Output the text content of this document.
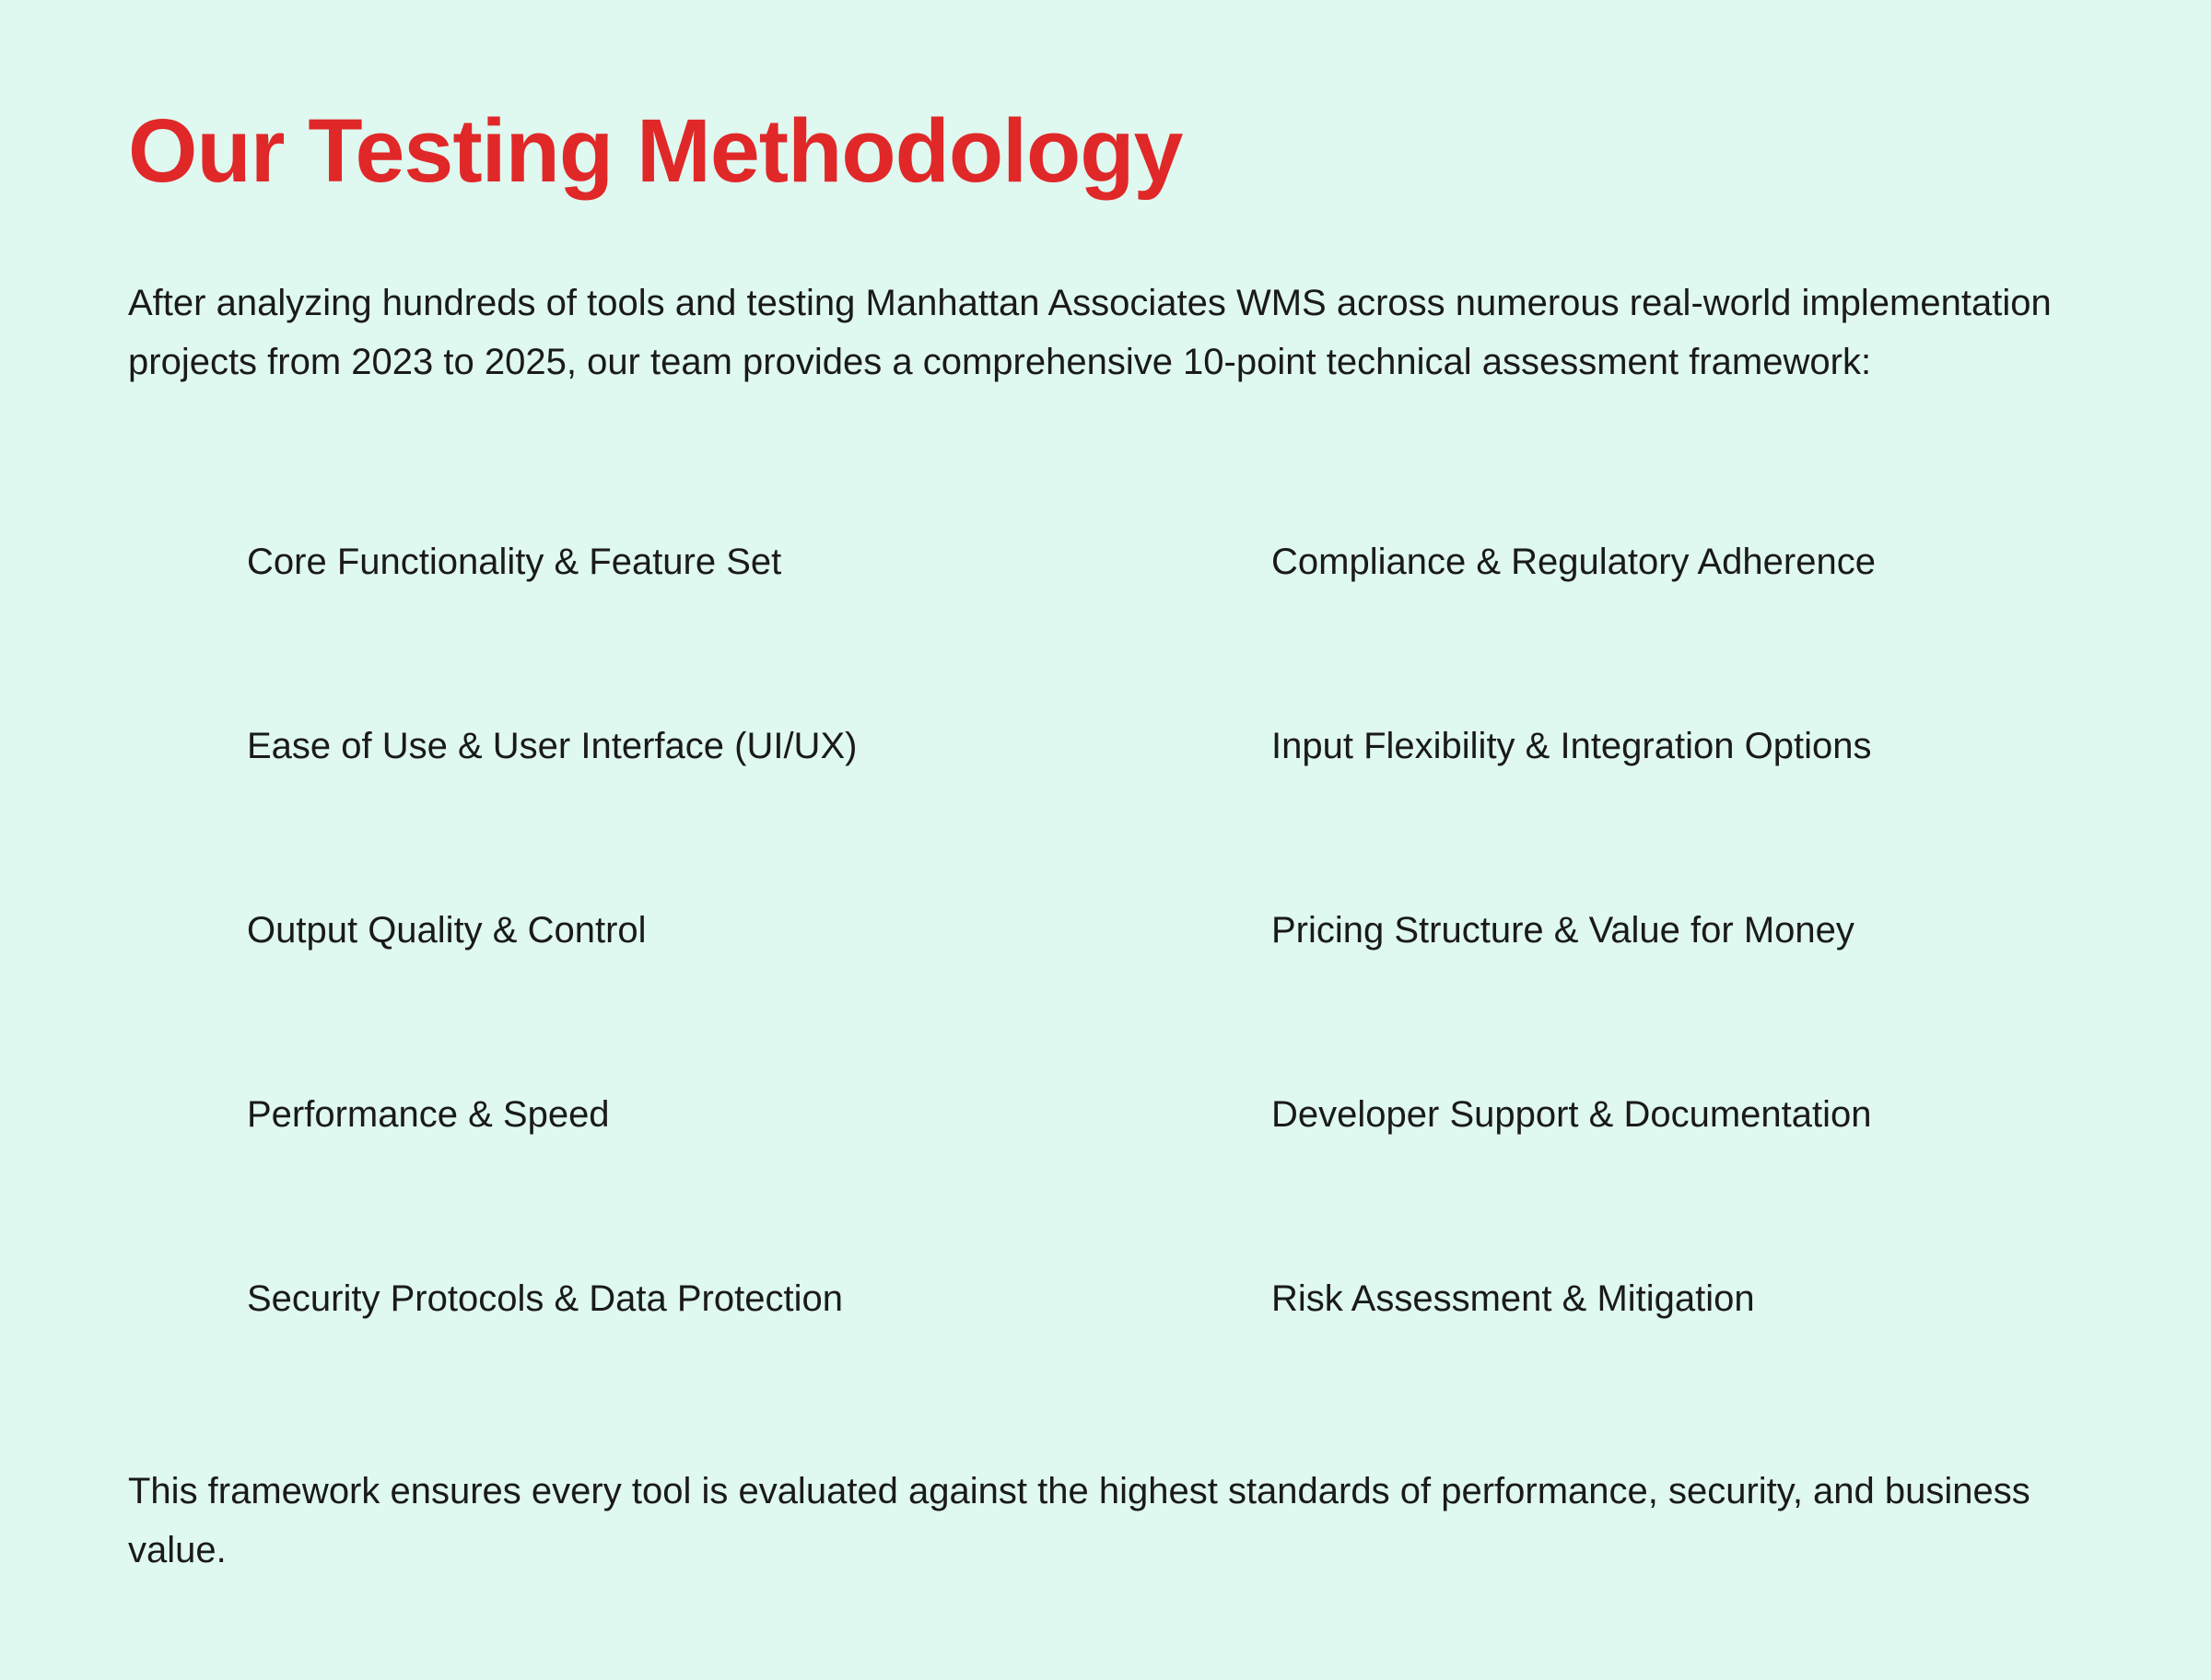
Our Testing Methodology

After analyzing hundreds of tools and testing Manhattan Associates WMS across numerous real-world implementation projects from 2023 to 2025, our team provides a comprehensive 10-point technical assessment framework:

Core Functionality & Feature Set	Compliance & Regulatory Adherence
Ease of Use & User Interface (UI/UX)	Input Flexibility & Integration Options
Output Quality & Control	Pricing Structure & Value for Money
Performance & Speed	Developer Support & Documentation
Security Protocols & Data Protection	Risk Assessment & Mitigation

This framework ensures every tool is evaluated against the highest standards of performance, security, and business value.
